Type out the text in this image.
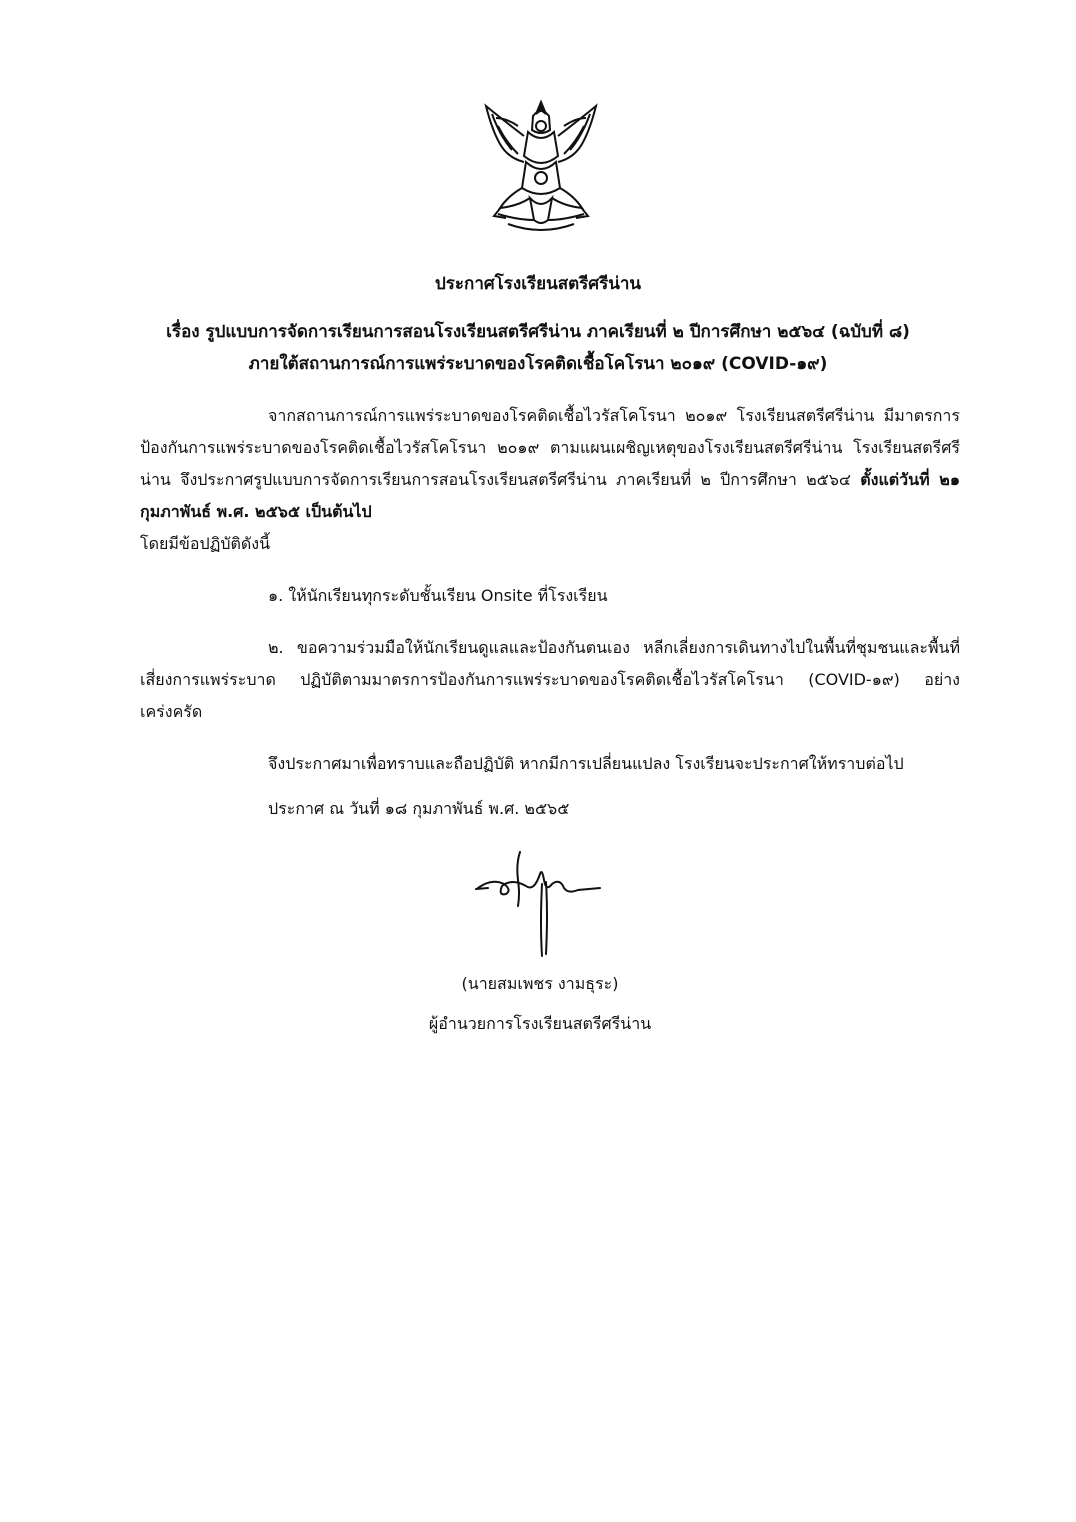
ประกาศโรงเรียนสตรีศรีน่าน
เรื่อง รูปแบบการจัดการเรียนการสอนโรงเรียนสตรีศรีน่าน ภาคเรียนที่ ๒ ปีการศึกษา ๒๕๖๔ (ฉบับที่ ๘)
ภายใต้สถานการณ์การแพร่ระบาดของโรคติดเชื้อโคโรนา ๒๐๑๙ (COVID-๑๙)

จากสถานการณ์การแพร่ระบาดของโรคติดเชื้อไวรัสโคโรนา ๒๐๑๙ โรงเรียนสตรีศรีน่าน มีมาตรการป้องกันการแพร่ระบาดของโรคติดเชื้อไวรัสโคโรนา ๒๐๑๙ ตามแผนเผชิญเหตุของโรงเรียนสตรีศรีน่าน โรงเรียนสตรีศรีน่าน จึงประกาศรูปแบบการจัดการเรียนการสอนโรงเรียนสตรีศรีน่าน ภาคเรียนที่ ๒ ปีการศึกษา ๒๕๖๔ ตั้งแต่วันที่ ๒๑ กุมภาพันธ์ พ.ศ. ๒๕๖๕ เป็นต้นไป

โดยมีข้อปฏิบัติดังนี้

๑. ให้นักเรียนทุกระดับชั้นเรียน Onsite ที่โรงเรียน

๒. ขอความร่วมมือให้นักเรียนดูแลและป้องกันตนเอง หลีกเลี่ยงการเดินทางไปในพื้นที่ชุมชนและพื้นที่เสี่ยงการแพร่ระบาด ปฏิบัติตามมาตรการป้องกันการแพร่ระบาดของโรคติดเชื้อไวรัสโคโรนา (COVID-๑๙) อย่างเคร่งครัด

จึงประกาศมาเพื่อทราบและถือปฏิบัติ หากมีการเปลี่ยนแปลง โรงเรียนจะประกาศให้ทราบต่อไป

ประกาศ ณ วันที่ ๑๘ กุมภาพันธ์ พ.ศ. ๒๕๖๕
(นายสมเพชร งามธุระ)
ผู้อำนวยการโรงเรียนสตรีศรีน่าน
